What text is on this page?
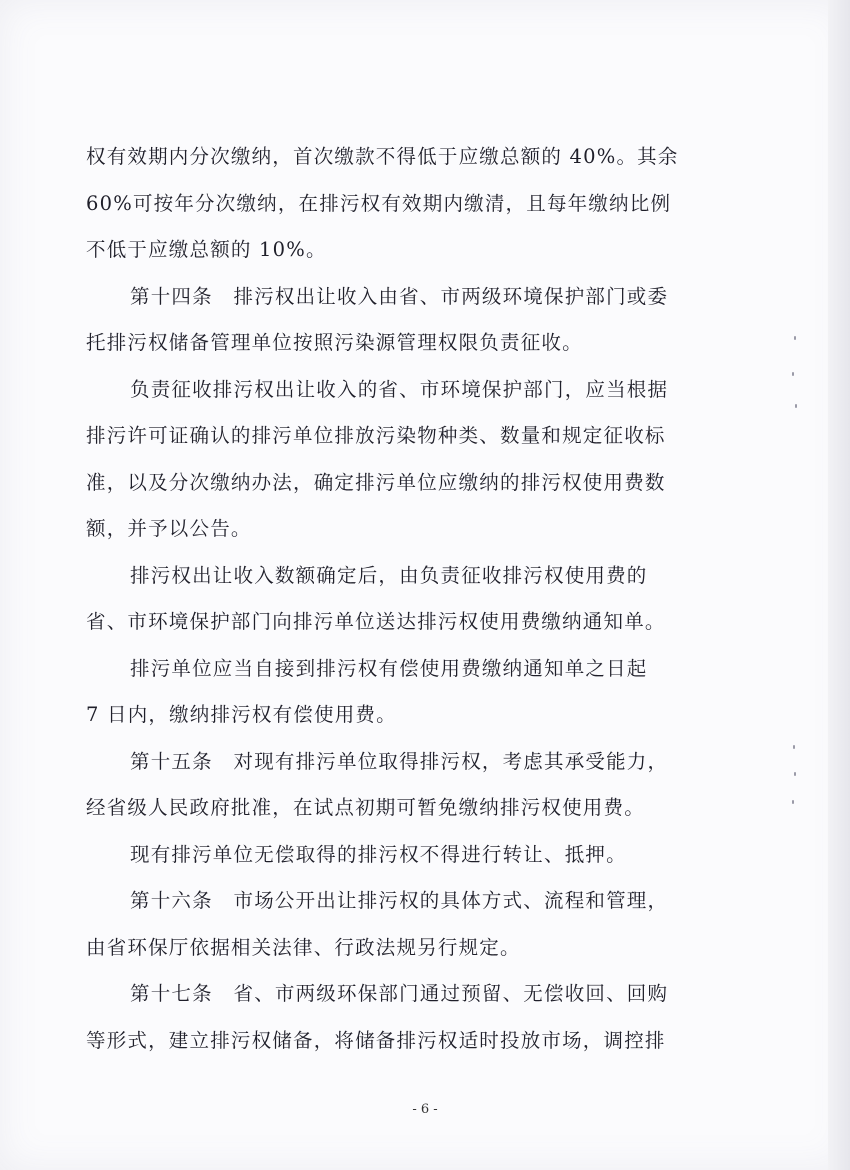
权有效期内分次缴纳，首次缴款不得低于应缴总额的 40%。其余
60%可按年分次缴纳，在排污权有效期内缴清，且每年缴纳比例
不低于应缴总额的 10%。
第十四条　排污权出让收入由省、市两级环境保护部门或委
托排污权储备管理单位按照污染源管理权限负责征收。
负责征收排污权出让收入的省、市环境保护部门，应当根据
排污许可证确认的排污单位排放污染物种类、数量和规定征收标
准，以及分次缴纳办法，确定排污单位应缴纳的排污权使用费数
额，并予以公告。
排污权出让收入数额确定后，由负责征收排污权使用费的
省、市环境保护部门向排污单位送达排污权使用费缴纳通知单。
排污单位应当自接到排污权有偿使用费缴纳通知单之日起
7 日内，缴纳排污权有偿使用费。
第十五条　对现有排污单位取得排污权，考虑其承受能力，
经省级人民政府批准，在试点初期可暂免缴纳排污权使用费。
现有排污单位无偿取得的排污权不得进行转让、抵押。
第十六条　市场公开出让排污权的具体方式、流程和管理，
由省环保厅依据相关法律、行政法规另行规定。
第十七条　省、市两级环保部门通过预留、无偿收回、回购
等形式，建立排污权储备，将储备排污权适时投放市场，调控排
- 6 -
